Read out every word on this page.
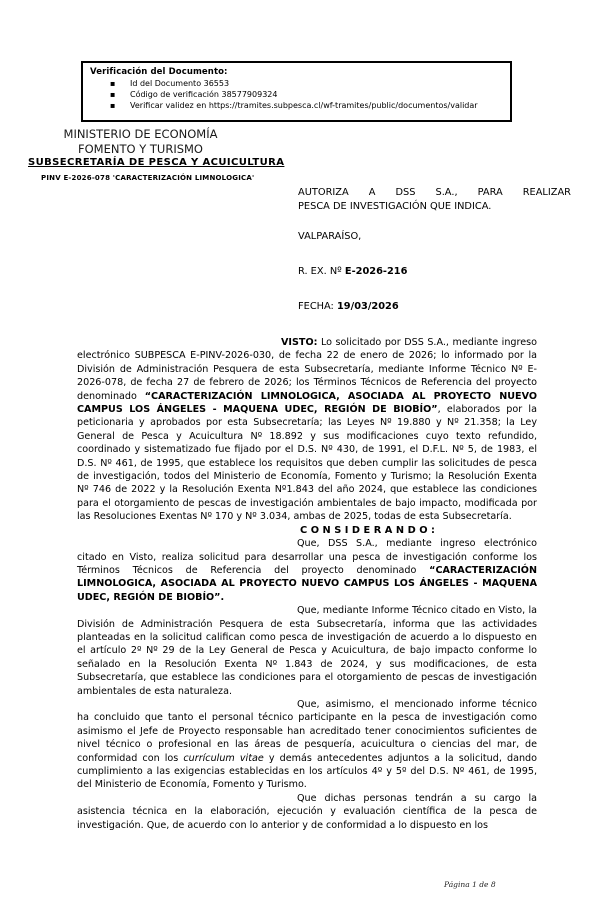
Verificación del Documento:
▪ Id del Documento 36553
▪ Código de verificación 38577909324
▪ Verificar validez en https://tramites.subpesca.cl/wf-tramites/public/documentos/validar
MINISTERIO DE ECONOMÍA
FOMENTO Y TURISMO
SUBSECRETARÍA DE PESCA Y ACUICULTURA
PINV E-2026-078 'CARACTERIZACIÓN LIMNOLOGICA'
AUTORIZA A DSS S.A., PARA REALIZAR
PESCA DE INVESTIGACIÓN QUE INDICA.
VALPARAÍSO,
R. EX. Nº E-2026-216
FECHA: 19/03/2026

VISTO: Lo solicitado por DSS S.A., mediante ingreso electrónico SUBPESCA E-PINV-2026-030, de fecha 22 de enero de 2026; lo informado por la División de Administración Pesquera de esta Subsecretaría, mediante Informe Técnico Nº E-2026-078, de fecha 27 de febrero de 2026; los Términos Técnicos de Referencia del proyecto denominado “CARACTERIZACIÓN LIMNOLOGICA, ASOCIADA AL PROYECTO NUEVO CAMPUS LOS ÁNGELES - MAQUENA UDEC, REGIÓN DE BIOBÍO”, elaborados por la peticionaria y aprobados por esta Subsecretaría; las Leyes Nº 19.880 y Nº 21.358; la Ley General de Pesca y Acuicultura Nº 18.892 y sus modificaciones cuyo texto refundido, coordinado y sistematizado fue fijado por el D.S. Nº 430, de 1991, el D.F.L. Nº 5, de 1983, el D.S. Nº 461, de 1995, que establece los requisitos que deben cumplir las solicitudes de pesca de investigación, todos del Ministerio de Economía, Fomento y Turismo; la Resolución Exenta Nº 746 de 2022 y la Resolución Exenta Nº1.843 del año 2024, que establece las condiciones para el otorgamiento de pescas de investigación ambientales de bajo impacto, modificada por las Resoluciones Exentas Nº 170 y Nº 3.034, ambas de 2025, todas de esta Subsecretaría.

CONSIDERANDO:

Que, DSS S.A., mediante ingreso electrónico citado en Visto, realiza solicitud para desarrollar una pesca de investigación conforme los Términos Técnicos de Referencia del proyecto denominado “CARACTERIZACIÓN LIMNOLOGICA, ASOCIADA AL PROYECTO NUEVO CAMPUS LOS ÁNGELES - MAQUENA UDEC, REGIÓN DE BIOBÍO”.

Que, mediante Informe Técnico citado en Visto, la División de Administración Pesquera de esta Subsecretaría, informa que las actividades planteadas en la solicitud califican como pesca de investigación de acuerdo a lo dispuesto en el artículo 2º Nº 29 de la Ley General de Pesca y Acuicultura, de bajo impacto conforme lo señalado en la Resolución Exenta Nº 1.843 de 2024, y sus modificaciones, de esta Subsecretaría, que establece las condiciones para el otorgamiento de pescas de investigación ambientales de esta naturaleza.

Que, asimismo, el mencionado informe técnico ha concluido que tanto el personal técnico participante en la pesca de investigación como asimismo el Jefe de Proyecto responsable han acreditado tener conocimientos suficientes de nivel técnico o profesional en las áreas de pesquería, acuicultura o ciencias del mar, de conformidad con los currículum vitae y demás antecedentes adjuntos a la solicitud, dando cumplimiento a las exigencias establecidas en los artículos 4º y 5º del D.S. Nº 461, de 1995, del Ministerio de Economía, Fomento y Turismo.

Que dichas personas tendrán a su cargo la asistencia técnica en la elaboración, ejecución y evaluación científica de la pesca de investigación. Que, de acuerdo con lo anterior y de conformidad a lo dispuesto en los

Página 1 de 8
